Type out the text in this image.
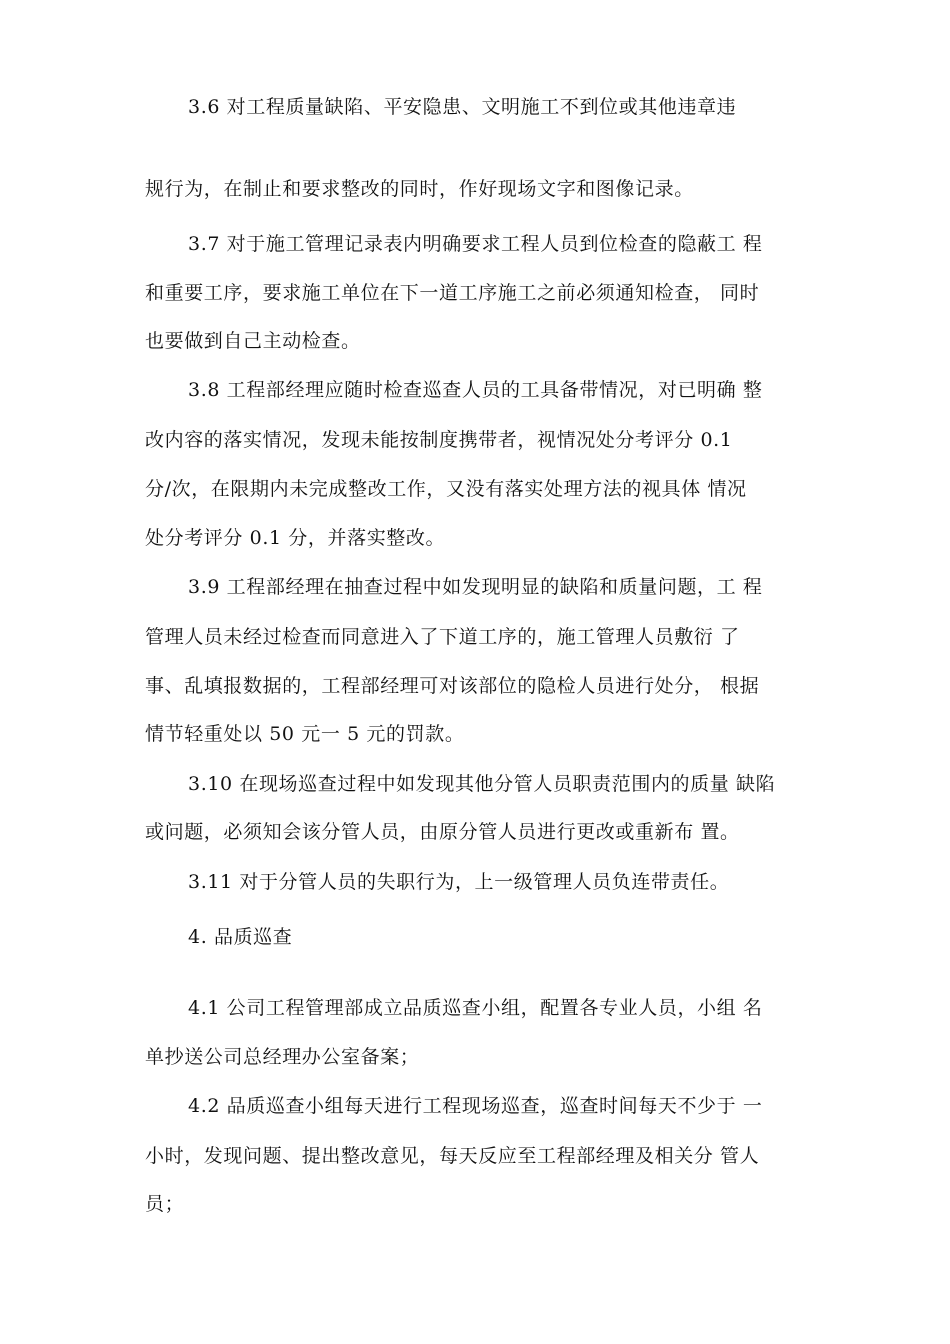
3.6 对工程质量缺陷、平安隐患、文明施工不到位或其他违章违
规行为，在制止和要求整改的同时，作好现场文字和图像记录。
3.7 对于施工管理记录表内明确要求工程人员到位检查的隐蔽工 程
和重要工序，要求施工单位在下一道工序施工之前必须通知检查， 同时
也要做到自己主动检查。
3.8 工程部经理应随时检查巡查人员的工具备带情况，对已明确 整
改内容的落实情况，发现未能按制度携带者，视情况处分考评分 0.1
分/次，在限期内未完成整改工作，又没有落实处理方法的视具体 情况
处分考评分 0.1 分，并落实整改。
3.9 工程部经理在抽查过程中如发现明显的缺陷和质量问题，工 程
管理人员未经过检查而同意进入了下道工序的，施工管理人员敷衍 了
事、乱填报数据的，工程部经理可对该部位的隐检人员进行处分， 根据
情节轻重处以 50 元一 5 元的罚款。
3.10 在现场巡查过程中如发现其他分管人员职责范围内的质量 缺陷
或问题，必须知会该分管人员，由原分管人员进行更改或重新布 置。
3.11 对于分管人员的失职行为，上一级管理人员负连带责任。
4. 品质巡查
4.1 公司工程管理部成立品质巡查小组，配置各专业人员，小组 名
单抄送公司总经理办公室备案；
4.2 品质巡查小组每天进行工程现场巡查，巡查时间每天不少于 一
小时，发现问题、提出整改意见，每天反应至工程部经理及相关分 管人
员；
